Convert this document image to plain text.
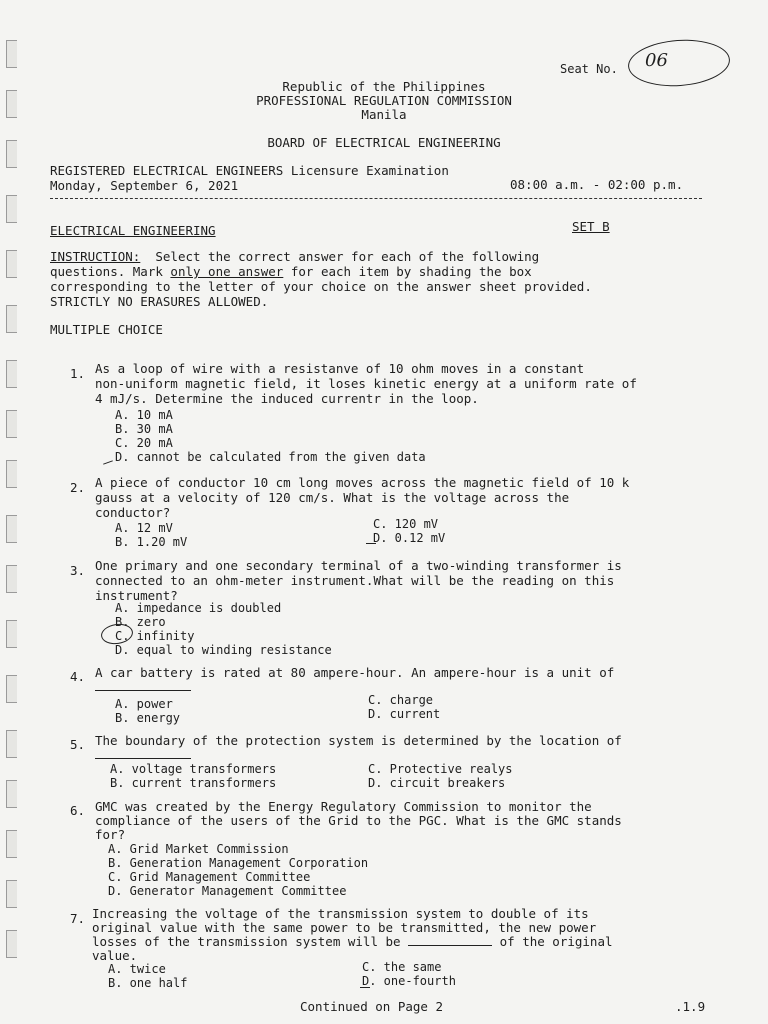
Seat No. 06
Republic of the Philippines
PROFESSIONAL REGULATION COMMISSION
Manila
BOARD OF ELECTRICAL ENGINEERING
REGISTERED ELECTRICAL ENGINEERS Licensure Examination
Monday, September 6, 2021	08:00 a.m. - 02:00 p.m.
ELECTRICAL ENGINEERING	SET B
INSTRUCTION: Select the correct answer for each of the following
questions. Mark only one answer for each item by shading the box
corresponding to the letter of your choice on the answer sheet provided.
STRICTLY NO ERASURES ALLOWED.
MULTIPLE CHOICE
1. As a loop of wire with a resistanve of 10 ohm moves in a constant
non-uniform magnetic field, it loses kinetic energy at a uniform rate of
4 mJ/s. Determine the induced currentr in the loop.
A. 10 mA
B. 30 mA
C. 20 mA
D. cannot be calculated from the given data
2. A piece of conductor 10 cm long moves across the magnetic field of 10 k
gauss at a velocity of 120 cm/s. What is the voltage across the
conductor?
A. 12 mV
B. 1.20 mV
C. 120 mV
D. 0.12 mV
3. One primary and one secondary terminal of a two-winding transformer is
connected to an ohm-meter instrument.What will be the reading on this
instrument?
A. impedance is doubled
B. zero
C. infinity
D. equal to winding resistance
4. A car battery is rated at 80 ampere-hour. An ampere-hour is a unit of
A. power
B. energy
C. charge
D. current
5. The boundary of the protection system is determined by the location of
A. voltage transformers
B. current transformers
C. Protective realys
D. circuit breakers
6. GMC was created by the Energy Regulatory Commission to monitor the
compliance of the users of the Grid to the PGC. What is the GMC stands
for?
A. Grid Market Commission
B. Generation Management Corporation
C. Grid Management Committee
D. Generator Management Committee
7. Increasing the voltage of the transmission system to double of its
original value with the same power to be transmitted, the new power
losses of the transmission system will be	of the original
value.
A. twice
B. one half
C. the same
D. one-fourth
Continued on Page 2	.1.9
